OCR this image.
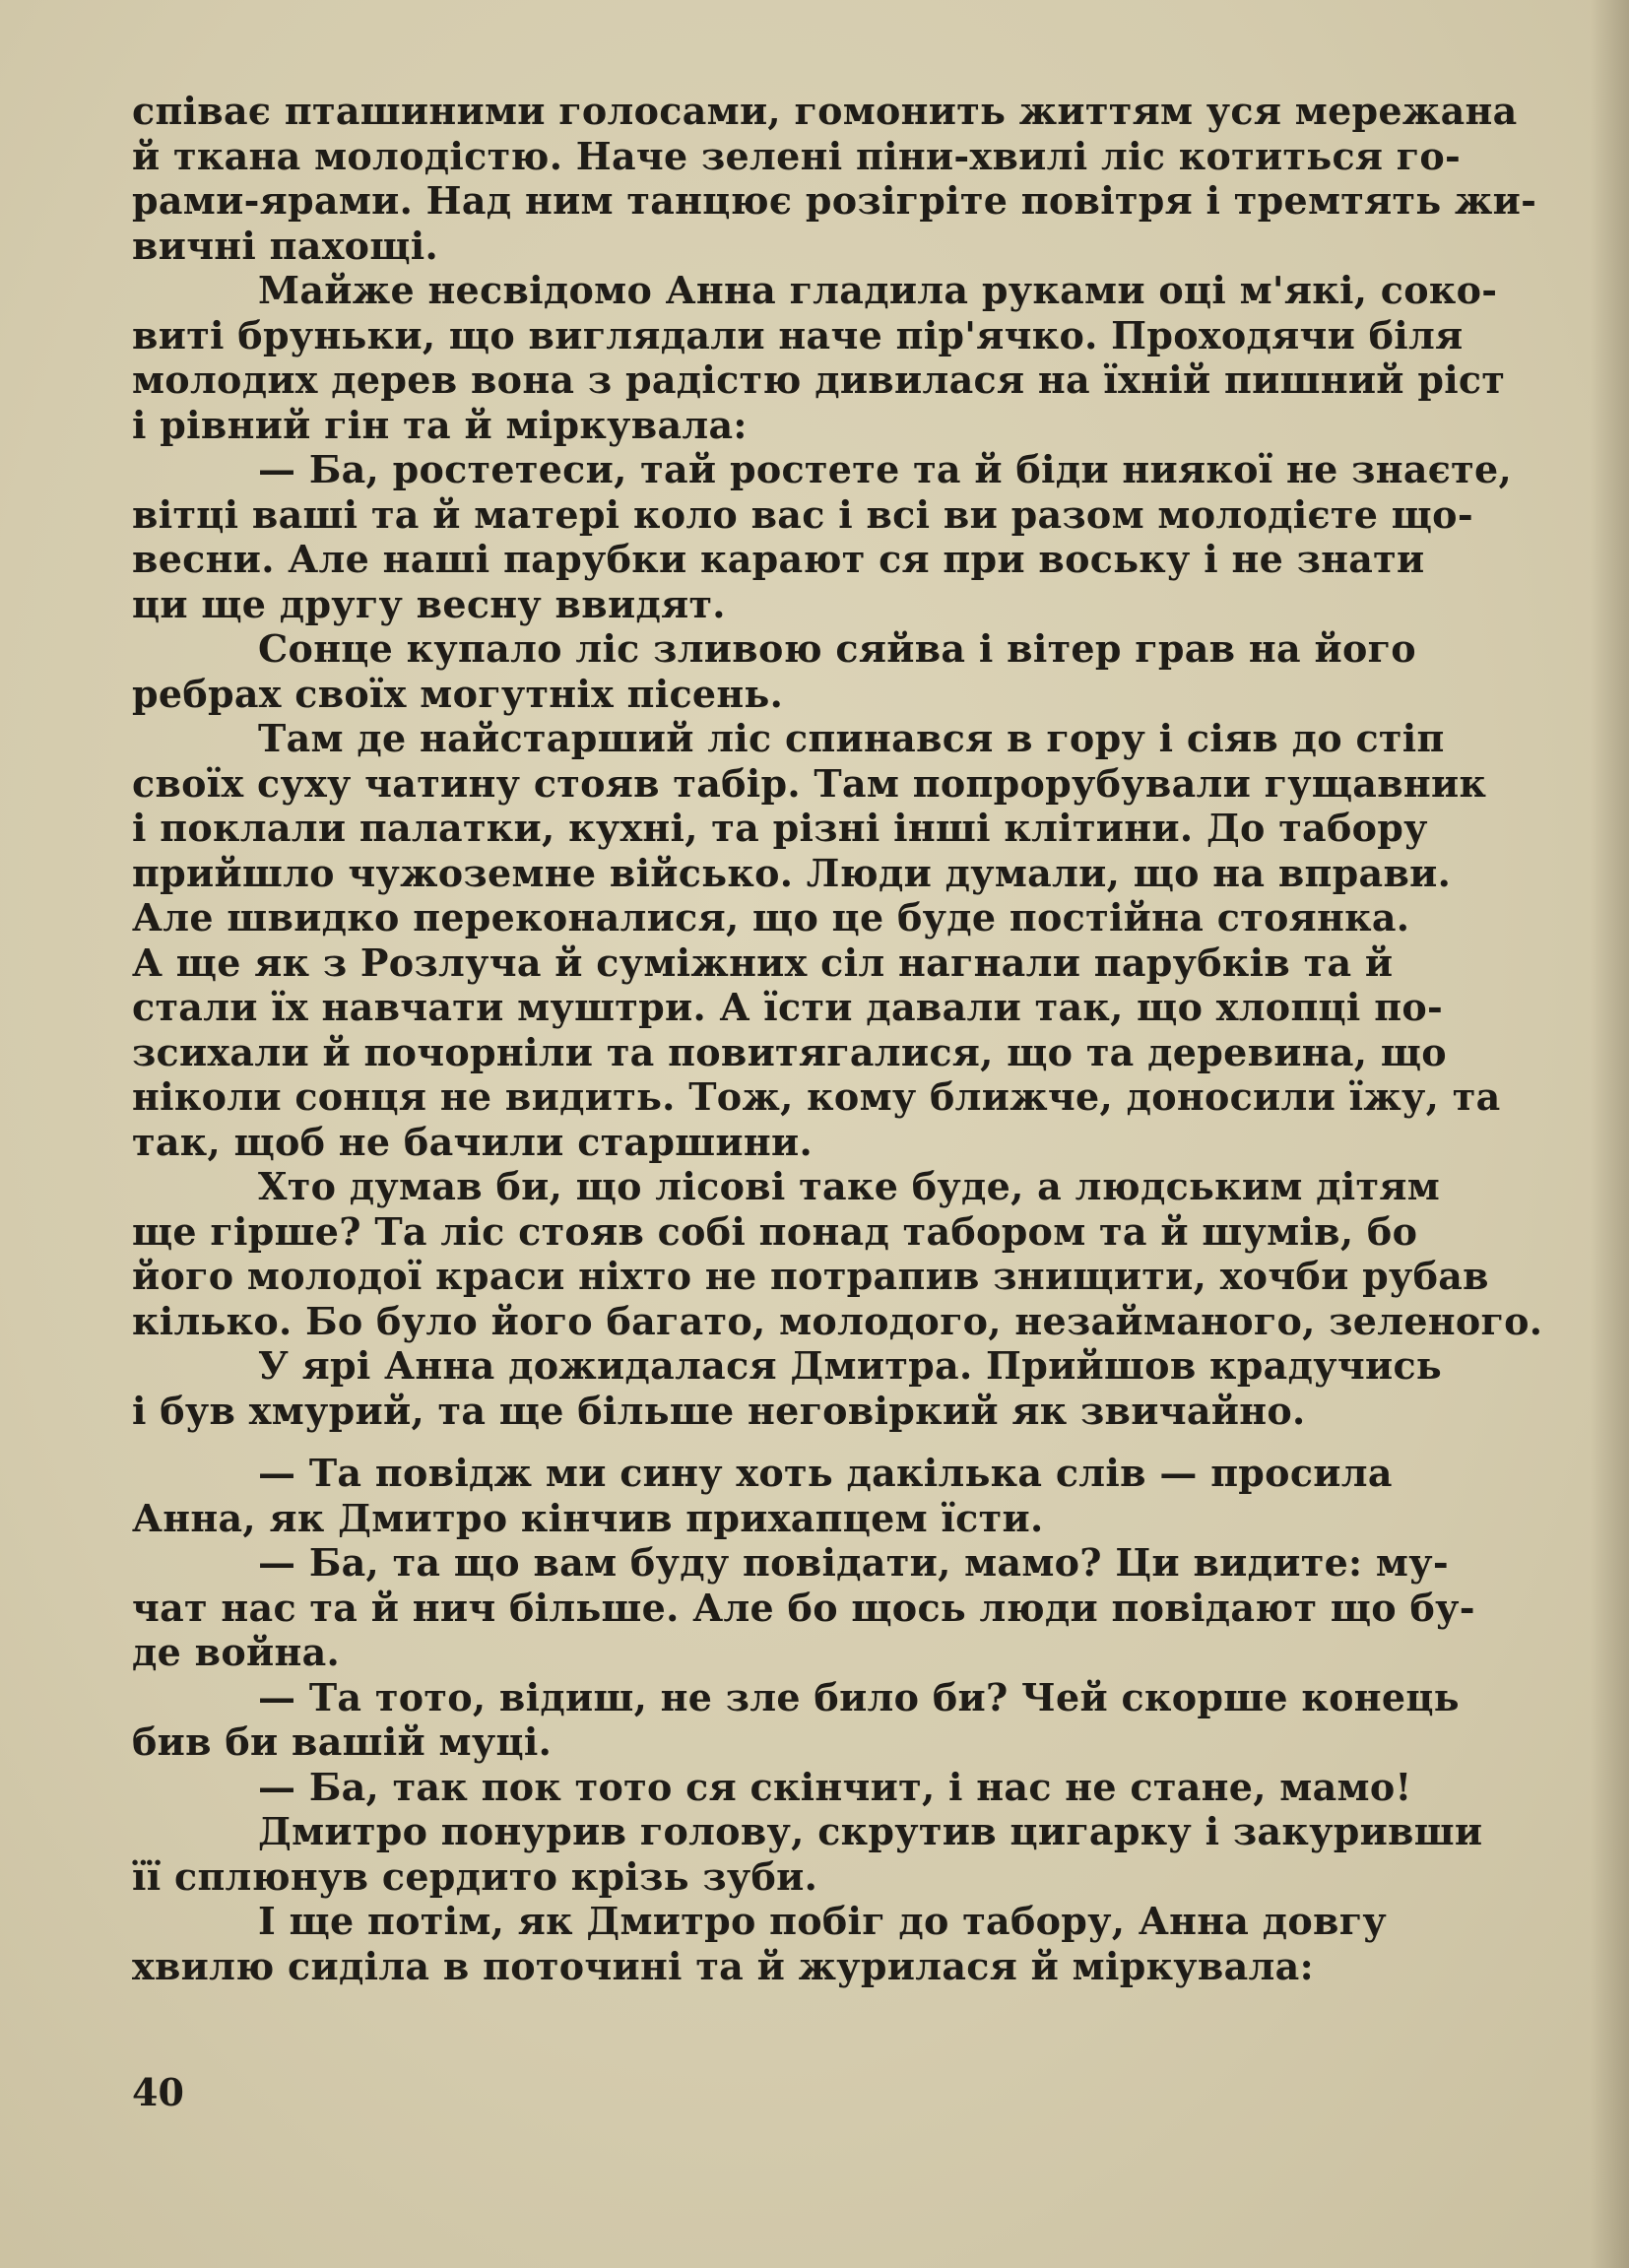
співає пташиними голосами, гомонить життям уся мережана
й ткана молодістю. Наче зелені піни-хвилі ліс котиться го-
рами-ярами. Над ним танцює розігріте повітря і тремтять жи-
вичні пахощі.
Майже несвідомо Анна гладила руками оці м'які, соко-
виті бруньки, що виглядали наче пір'ячко. Проходячи біля
молодих дерев вона з радістю дивилася на їхній пишний ріст
і рівний гін та й міркувала:
— Ба, ростетеси, тай ростете та й біди ниякої не знаєте,
вітці ваші та й матері коло вас і всі ви разом молодієте що-
весни. Але наші парубки карают ся при воську і не знати
ци ще другу весну ввидят.
Сонце купало ліс зливою сяйва і вітер грав на його
ребрах своїх могутніх пісень.
Там де найстарший ліс спинався в гору і сіяв до стіп
своїх суху чатину стояв табір. Там попрорубували гущавник
і поклали палатки, кухні, та різні інші клітини. До табору
прийшло чужоземне військо. Люди думали, що на вправи.
Але швидко переконалися, що це буде постійна стоянка.
А ще як з Розлуча й суміжних сіл нагнали парубків та й
стали їх навчати муштри. А їсти давали так, що хлопці по-
зсихали й почорніли та повитягалися, що та деревина, що
ніколи сонця не видить. Тож, кому ближче, доносили їжу, та
так, щоб не бачили старшини.
Хто думав би, що лісові таке буде, а людським дітям
ще гірше? Та ліс стояв собі понад табором та й шумів, бо
його молодої краси ніхто не потрапив знищити, хочби рубав
кілько. Бо було його багато, молодого, незайманого, зеленого.
У ярі Анна дожидалася Дмитра. Прийшов крадучись
і був хмурий, та ще більше неговіркий як звичайно.
— Та повідж ми сину хоть дакілька слів — просила
Анна, як Дмитро кінчив прихапцем їсти.
— Ба, та що вам буду повідати, мамо? Ци видите: му-
чат нас та й нич більше. Але бо щось люди повідают що бу-
де война.
— Та тото, відиш, не зле било би? Чей скорше конець
бив би вашій муці.
— Ба, так пок тото ся скінчит, і нас не стане, мамо!
Дмитро понурив голову, скрутив цигарку і закуривши
її сплюнув сердито крізь зуби.
І ще потім, як Дмитро побіг до табору, Анна довгу
хвилю сиділа в поточині та й журилася й міркувала:
40
